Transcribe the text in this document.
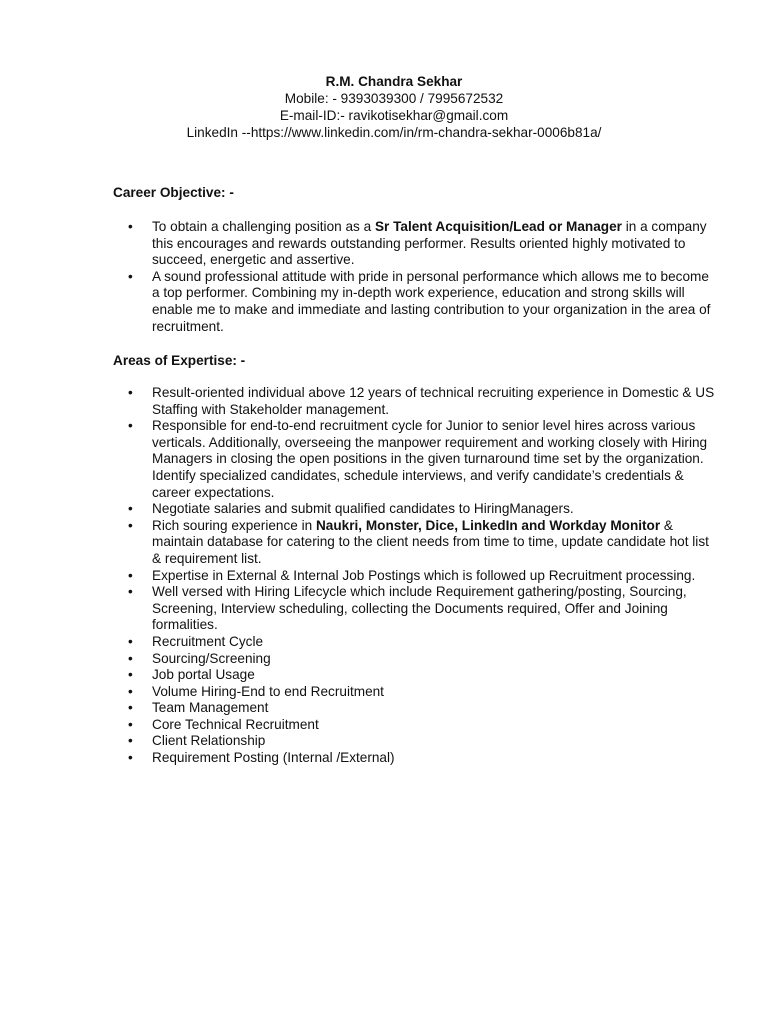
R.M. Chandra Sekhar
Mobile: - 9393039300 / 7995672532
E-mail-ID:- ravikotisekhar@gmail.com
LinkedIn --https://www.linkedin.com/in/rm-chandra-sekhar-0006b81a/
Career Objective: -
• To obtain a challenging position as a Sr Talent Acquisition/Lead or Manager in a company
this encourages and rewards outstanding performer. Results oriented highly motivated to
succeed, energetic and assertive.
• A sound professional attitude with pride in personal performance which allows me to become
a top performer. Combining my in-depth work experience, education and strong skills will
enable me to make and immediate and lasting contribution to your organization in the area of
recruitment.
Areas of Expertise: -
• Result-oriented individual above 12 years of technical recruiting experience in Domestic & US
Staffing with Stakeholder management.
• Responsible for end-to-end recruitment cycle for Junior to senior level hires across various
verticals. Additionally, overseeing the manpower requirement and working closely with Hiring
Managers in closing the open positions in the given turnaround time set by the organization.
Identify specialized candidates, schedule interviews, and verify candidate’s credentials &
career expectations.
• Negotiate salaries and submit qualified candidates to HiringManagers.
• Rich souring experience in Naukri, Monster, Dice, LinkedIn and Workday Monitor &
maintain database for catering to the client needs from time to time, update candidate hot list
& requirement list.
• Expertise in External & Internal Job Postings which is followed up Recruitment processing.
• Well versed with Hiring Lifecycle which include Requirement gathering/posting, Sourcing,
Screening, Interview scheduling, collecting the Documents required, Offer and Joining
formalities.
• Recruitment Cycle
• Sourcing/Screening
• Job portal Usage
• Volume Hiring-End to end Recruitment
• Team Management
• Core Technical Recruitment
• Client Relationship
• Requirement Posting (Internal /External)
